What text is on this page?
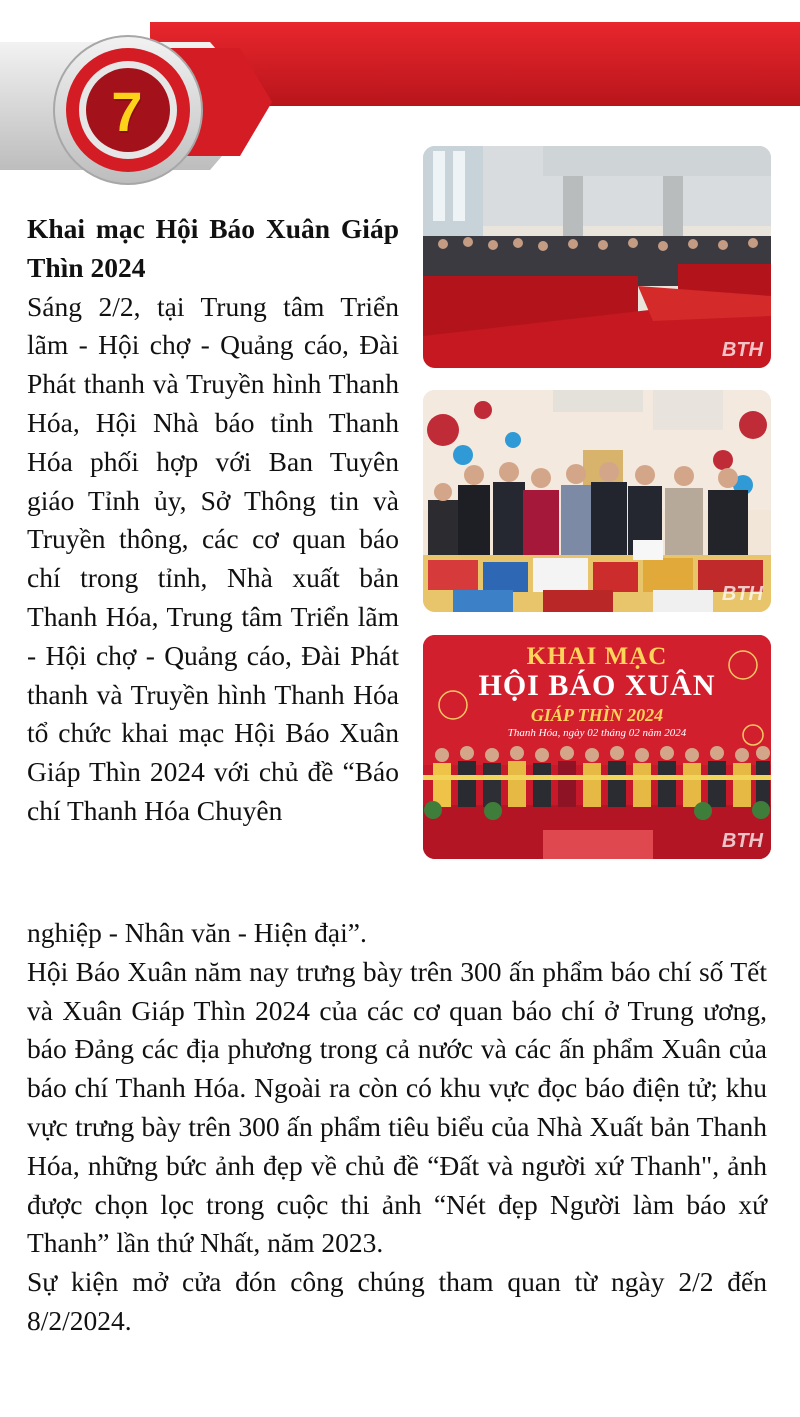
7

Khai mạc Hội Báo Xuân Giáp Thìn 2024

Sáng 2/2, tại Trung tâm Triển lãm - Hội chợ - Quảng cáo, Đài Phát thanh và Truyền hình Thanh Hóa, Hội Nhà báo tỉnh Thanh Hóa phối hợp với Ban Tuyên giáo Tỉnh ủy, Sở Thông tin và Truyền thông, các cơ quan báo chí trong tỉnh, Nhà xuất bản Thanh Hóa, Trung tâm Triển lãm - Hội chợ - Quảng cáo, Đài Phát thanh và Truyền hình Thanh Hóa tổ chức khai mạc Hội Báo Xuân Giáp Thìn 2024 với chủ đề “Báo chí Thanh Hóa Chuyên

nghiệp - Nhân văn - Hiện đại”.

Hội Báo Xuân năm nay trưng bày trên 300 ấn phẩm báo chí số Tết và Xuân Giáp Thìn 2024 của các cơ quan báo chí ở Trung ương, báo Đảng các địa phương trong cả nước và các ấn phẩm Xuân của báo chí Thanh Hóa. Ngoài ra còn có khu vực đọc báo điện tử; khu vực trưng bày trên 300 ấn phẩm tiêu biểu của Nhà Xuất bản Thanh Hóa, những bức ảnh đẹp về chủ đề “Đất và người xứ Thanh", ảnh được chọn lọc trong cuộc thi ảnh “Nét đẹp Người làm báo xứ Thanh” lần thứ Nhất, năm 2023.

Sự kiện mở cửa đón công chúng tham quan từ ngày 2/2 đến 8/2/2024.

BTH
BTH
KHAI MẠC
HỘI BÁO XUÂN
GIÁP THÌN 2024
Thanh Hóa, ngày 02 tháng 02 năm 2024
BTH
